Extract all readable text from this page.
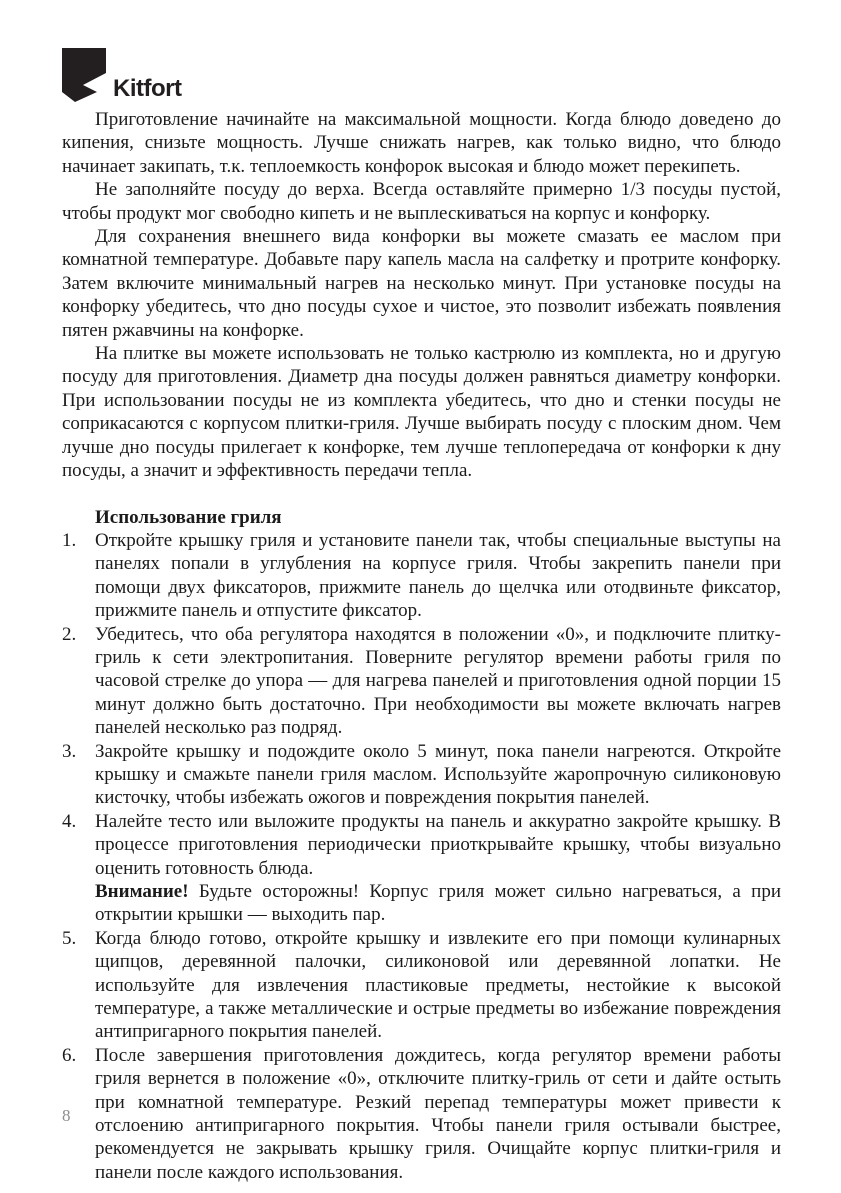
Kitfort

Приготовление начинайте на максимальной мощности. Когда блюдо доведено до кипения, снизьте мощность. Лучше снижать нагрев, как только видно, что блюдо начинает закипать, т.к. теплоемкость конфорок высокая и блюдо может перекипеть.

Не заполняйте посуду до верха. Всегда оставляйте примерно 1/3 посуды пустой, чтобы продукт мог свободно кипеть и не выплескиваться на корпус и конфорку.

Для сохранения внешнего вида конфорки вы можете смазать ее маслом при комнатной температуре. Добавьте пару капель масла на салфетку и протрите конфорку. Затем включите минимальный нагрев на несколько минут. При установке посуды на конфорку убедитесь, что дно посуды сухое и чистое, это позволит избежать появления пятен ржавчины на конфорке.

На плитке вы можете использовать не только кастрюлю из комплекта, но и другую посуду для приготовления. Диаметр дна посуды должен равняться диаметру конфорки. При использовании посуды не из комплекта убедитесь, что дно и стенки посуды не соприкасаются с корпусом плитки-гриля. Лучше выбирать посуду с плоским дном. Чем лучше дно посуды прилегает к конфорке, тем лучше теплопередача от конфорки к дну посуды, а значит и эффективность передачи тепла.

Использование гриля
1. Откройте крышку гриля и установите панели так, чтобы специальные выступы на панелях попали в углубления на корпусе гриля. Чтобы закрепить панели при помощи двух фиксаторов, прижмите панель до щелчка или отодвиньте фиксатор, прижмите панель и отпустите фиксатор.
2. Убедитесь, что оба регулятора находятся в положении «0», и подключите плитку-гриль к сети электропитания. Поверните регулятор времени работы гриля по часовой стрелке до упора — для нагрева панелей и приготовления одной порции 15 минут должно быть достаточно. При необходимости вы можете включать нагрев панелей несколько раз подряд.
3. Закройте крышку и подождите около 5 минут, пока панели нагреются. Откройте крышку и смажьте панели гриля маслом. Используйте жаропрочную силиконовую кисточку, чтобы избежать ожогов и повреждения покрытия панелей.
4. Налейте тесто или выложите продукты на панель и аккуратно закройте крышку. В процессе приготовления периодически приоткрывайте крышку, чтобы визуально оценить готовность блюда.
Внимание! Будьте осторожны! Корпус гриля может сильно нагреваться, а при открытии крышки — выходить пар.
5. Когда блюдо готово, откройте крышку и извлеките его при помощи кулинарных щипцов, деревянной палочки, силиконовой или деревянной лопатки. Не используйте для извлечения пластиковые предметы, нестойкие к высокой температуре, а также металлические и острые предметы во избежание повреждения антипригарного покрытия панелей.
6. После завершения приготовления дождитесь, когда регулятор времени работы гриля вернется в положение «0», отключите плитку-гриль от сети и дайте остыть при комнатной температуре. Резкий перепад температуры может привести к отслоению антипригарного покрытия. Чтобы панели гриля остывали быстрее, рекомендуется не закрывать крышку гриля. Очищайте корпус плитки-гриля и панели после каждого использования.
8
